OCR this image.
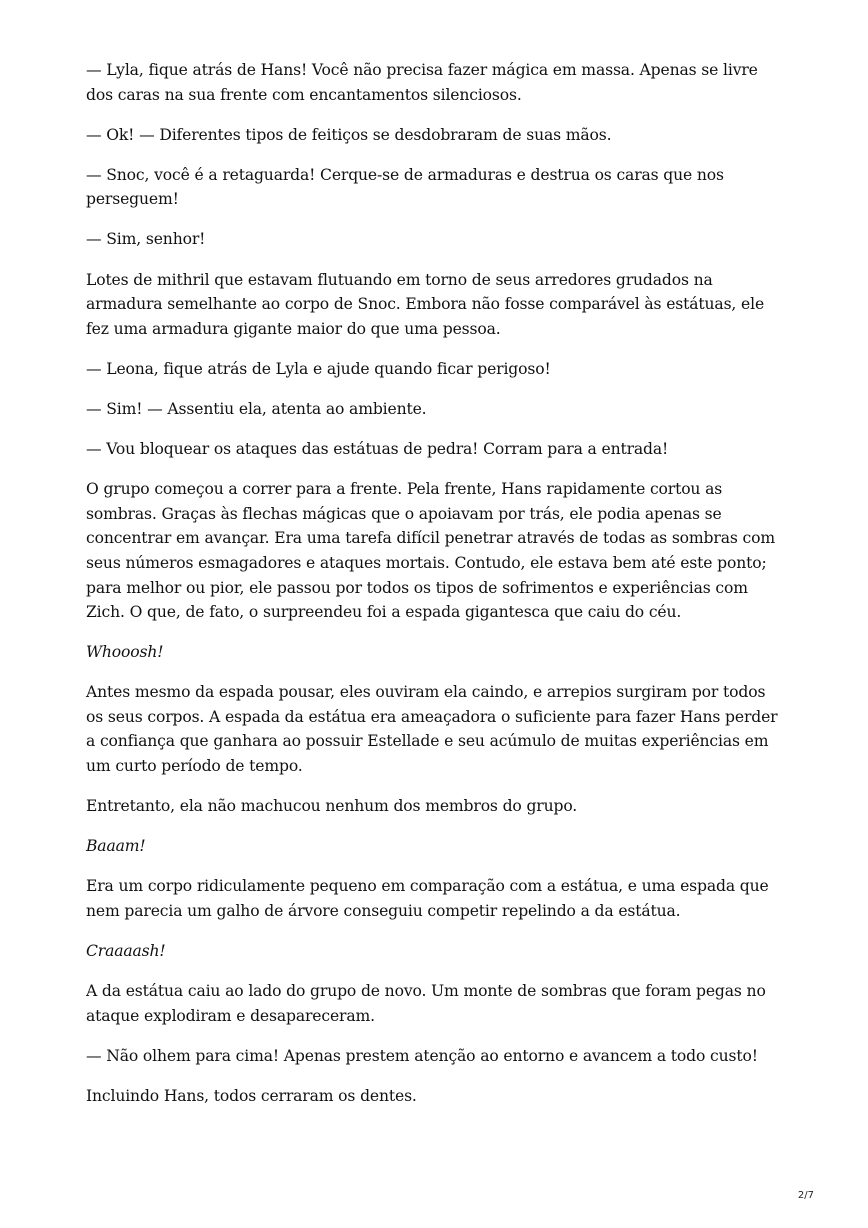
— Lyla, fique atrás de Hans! Você não precisa fazer mágica em massa. Apenas se livre dos caras na sua frente com encantamentos silenciosos.

— Ok! — Diferentes tipos de feitiços se desdobraram de suas mãos.

— Snoc, você é a retaguarda! Cerque-se de armaduras e destrua os caras que nos perseguem!

— Sim, senhor!

Lotes de mithril que estavam flutuando em torno de seus arredores grudados na armadura semelhante ao corpo de Snoc. Embora não fosse comparável às estátuas, ele fez uma armadura gigante maior do que uma pessoa.

— Leona, fique atrás de Lyla e ajude quando ficar perigoso!

— Sim! — Assentiu ela, atenta ao ambiente.

— Vou bloquear os ataques das estátuas de pedra! Corram para a entrada!

O grupo começou a correr para a frente. Pela frente, Hans rapidamente cortou as sombras. Graças às flechas mágicas que o apoiavam por trás, ele podia apenas se concentrar em avançar. Era uma tarefa difícil penetrar através de todas as sombras com seus números esmagadores e ataques mortais. Contudo, ele estava bem até este ponto; para melhor ou pior, ele passou por todos os tipos de sofrimentos e experiências com Zich. O que, de fato, o surpreendeu foi a espada gigantesca que caiu do céu.

Whooosh!

Antes mesmo da espada pousar, eles ouviram ela caindo, e arrepios surgiram por todos os seus corpos. A espada da estátua era ameaçadora o suficiente para fazer Hans perder a confiança que ganhara ao possuir Estellade e seu acúmulo de muitas experiências em um curto período de tempo.

Entretanto, ela não machucou nenhum dos membros do grupo.

Baaam!

Era um corpo ridiculamente pequeno em comparação com a estátua, e uma espada que nem parecia um galho de árvore conseguiu competir repelindo a da estátua.

Craaaash!

A da estátua caiu ao lado do grupo de novo. Um monte de sombras que foram pegas no ataque explodiram e desapareceram.

— Não olhem para cima! Apenas prestem atenção ao entorno e avancem a todo custo!

Incluindo Hans, todos cerraram os dentes.

2/7
